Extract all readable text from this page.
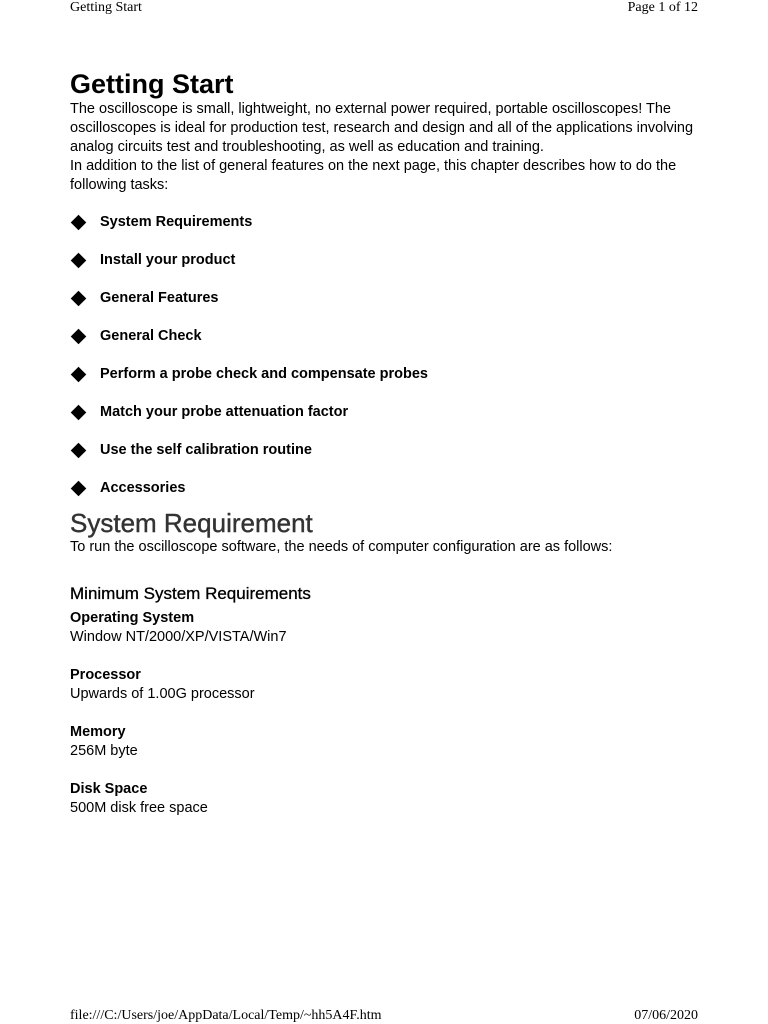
Getting Start	Page 1 of 12
Getting Start

The oscilloscope is small, lightweight, no external power required, portable oscilloscopes! The oscilloscopes is ideal for production test, research and design and all of the applications involving analog circuits test and troubleshooting, as well as education and training.

In addition to the list of general features on the next page, this chapter describes how to do the following tasks:

System Requirements
Install your product
General Features
General Check
Perform a probe check and compensate probes
Match your probe attenuation factor
Use the self calibration routine
Accessories
System Requirement

To run the oscilloscope software, the needs of computer configuration are as follows:

Minimum System Requirements
Operating System
Window NT/2000/XP/VISTA/Win7
Processor
Upwards of 1.00G processor
Memory
256M byte
Disk Space
500M disk free space
file:///C:/Users/joe/AppData/Local/Temp/~hh5A4F.htm	07/06/2020
